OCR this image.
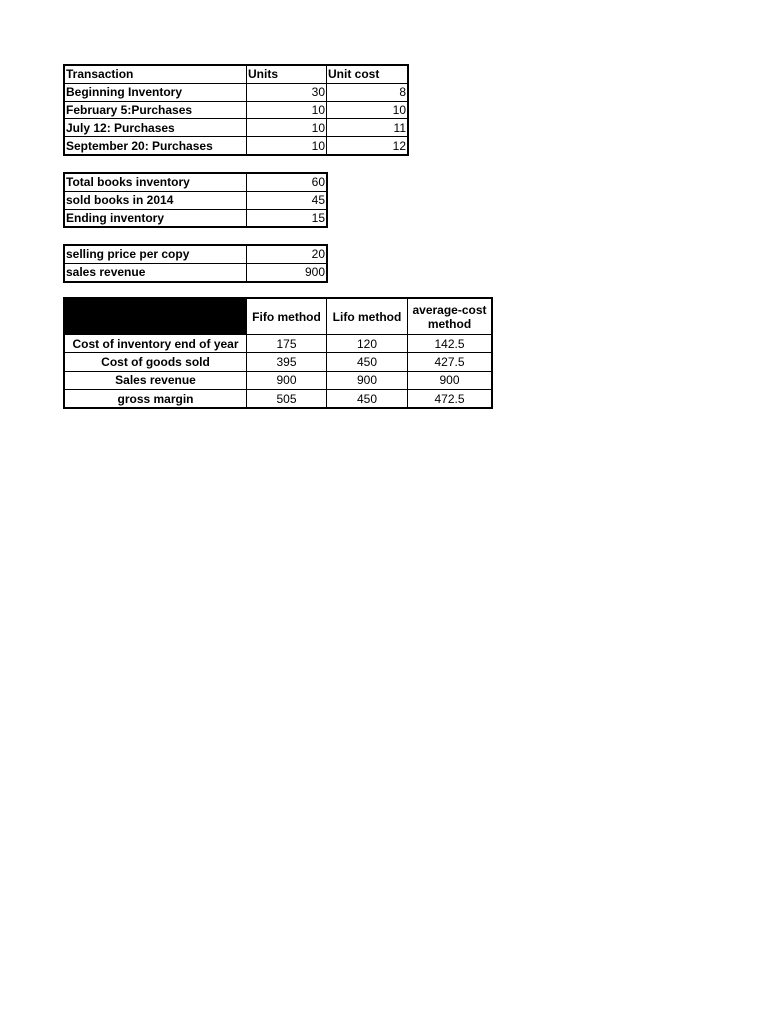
Transaction	Units	Unit cost
Beginning Inventory	30	8
February 5:Purchases	10	10
July 12: Purchases	10	11
September 20: Purchases	10	12
Total books inventory	60
sold books in 2014	45
Ending inventory	15
selling price per copy	20
sales revenue	900
	Fifo method	Lifo method	average-cost method
Cost of inventory end of year	175	120	142.5
Cost of goods sold	395	450	427.5
Sales revenue	900	900	900
gross margin	505	450	472.5
